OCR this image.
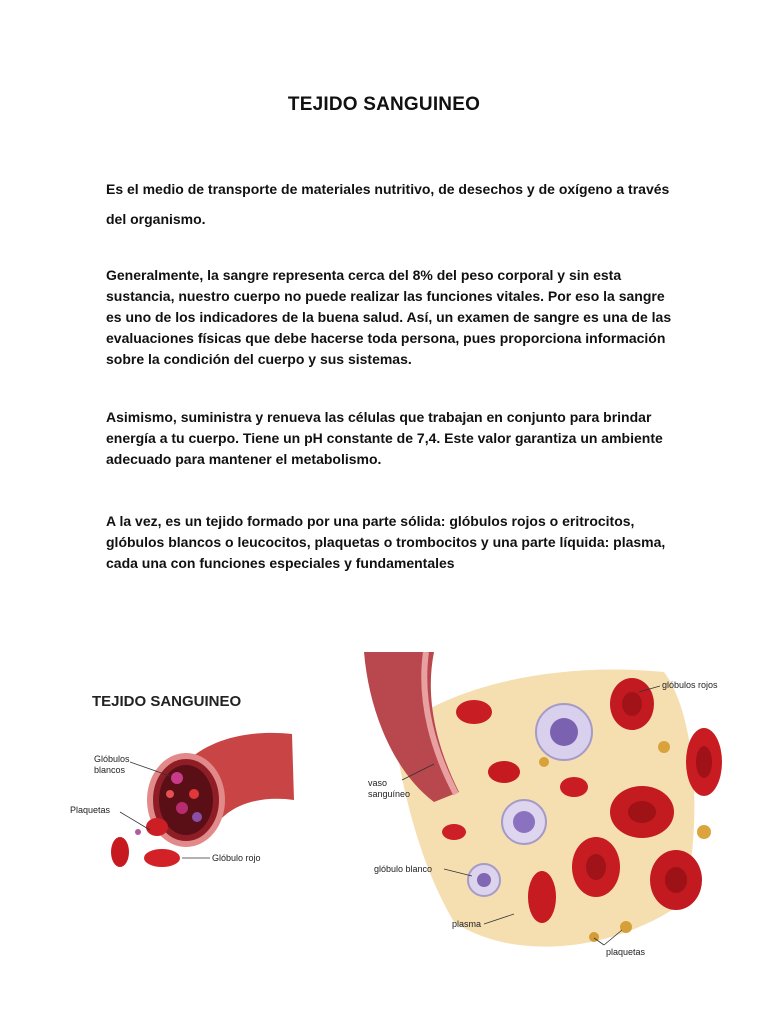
TEJIDO SANGUINEO

Es el medio de transporte de materiales nutritivo, de desechos y de oxígeno a través del organismo.

Generalmente, la sangre representa cerca del 8% del peso corporal y sin esta sustancia, nuestro cuerpo no puede realizar las funciones vitales. Por eso la sangre es uno de los indicadores de la buena salud. Así, un examen de sangre es una de las evaluaciones físicas que debe hacerse toda persona, pues proporciona información sobre la condición del cuerpo y sus sistemas.

Asimismo, suministra y renueva las células que trabajan en conjunto para brindar energía a tu cuerpo. Tiene un pH constante de 7,4. Este valor garantiza un ambiente adecuado para mantener el metabolismo.

A la vez, es un tejido formado por una parte sólida: glóbulos rojos o eritrocitos, glóbulos blancos o leucocitos, plaquetas o trombocitos y una parte líquida: plasma, cada una con funciones especiales y fundamentales

TEJIDO SANGUINEO
Glóbulos
blancos
Plaquetas
Glóbulo rojo
glóbulos rojos
vaso
sanguíneo
glóbulo blanco
plasma
plaquetas
